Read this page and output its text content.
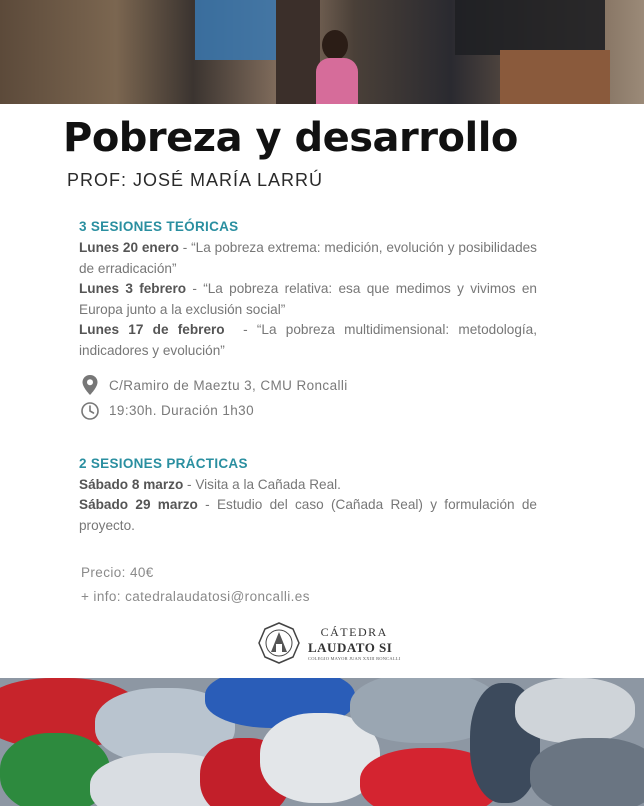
Pobreza y desarrollo
PROF: JOSÉ MARÍA LARRÚ
3 SESIONES TEÓRICAS
Lunes 20 enero - “La pobreza extrema: medición, evolución y posibilidades de erradicación”
Lunes 3 febrero - “La pobreza relativa: esa que medimos y vivimos en Europa junto a la exclusión social”
Lunes 17 de febrero  - “La pobreza multidimensional: metodología, indicadores y evolución”
C/Ramiro de Maeztu 3, CMU Roncalli
19:30h. Duración 1h30
2 SESIONES PRÁCTICAS
Sábado 8 marzo - Visita a la Cañada Real.
Sábado 29 marzo - Estudio del caso (Cañada Real) y formulación de proyecto.
Precio: 40€
+ info: catedralaudatosi@roncalli.es
CÁTEDRA
LAUDATO SI
COLEGIO MAYOR JUAN XXIII RONCALLI
